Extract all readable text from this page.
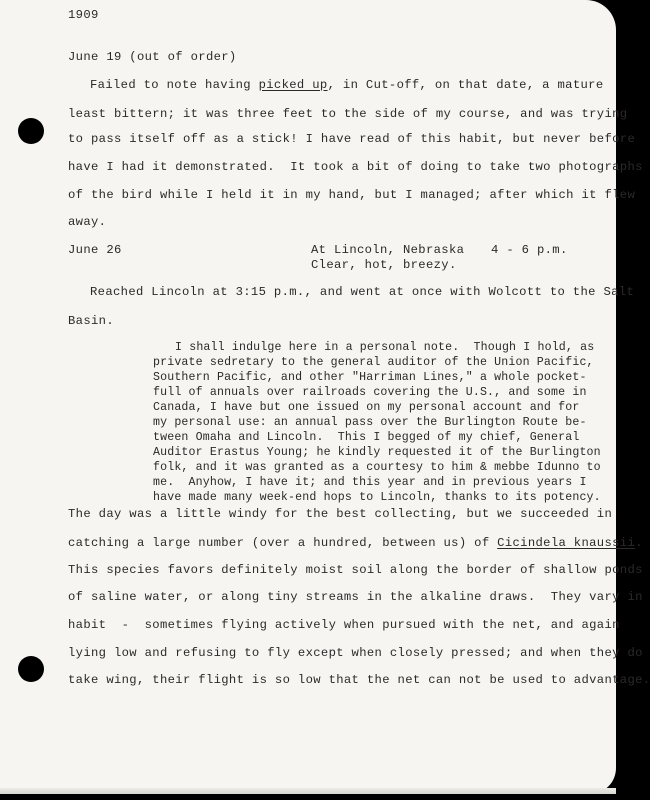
1909
June 19 (out of order)
Failed to note having picked up, in Cut-off, on that date, a mature
least bittern; it was three feet to the side of my course, and was trying
to pass itself off as a stick! I have read of this habit, but never before
have I had it demonstrated.  It took a bit of doing to take two photographs
of the bird while I held it in my hand, but I managed; after which it flew
away.
June 26	At Lincoln, Nebraska 4 - 6 p.m.
Clear, hot, breezy.
Reached Lincoln at 3:15 p.m., and went at once with Wolcott to the Salt
Basin.
I shall indulge here in a personal note.  Though I hold, as
private sedretary to the general auditor of the Union Pacific,
Southern Pacific, and other "Harriman Lines," a whole pocket-
full of annuals over railroads covering the U.S., and some in
Canada, I have but one issued on my personal account and for
my personal use: an annual pass over the Burlington Route be-
tween Omaha and Lincoln.  This I begged of my chief, General
Auditor Erastus Young; he kindly requested it of the Burlington
folk, and it was granted as a courtesy to him & mebbe Idunno to
me.  Anyhow, I have it; and this year and in previous years I
have made many week-end hops to Lincoln, thanks to its potency.
The day was a little windy for the best collecting, but we succeeded in
catching a large number (over a hundred, between us) of Cicindela knaussii.
This species favors definitely moist soil along the border of shallow ponds
of saline water, or along tiny streams in the alkaline draws.  They vary in
habit  -  sometimes flying actively when pursued with the net, and again
lying low and refusing to fly except when closely pressed; and when they do
take wing, their flight is so low that the net can not be used to advantage.
